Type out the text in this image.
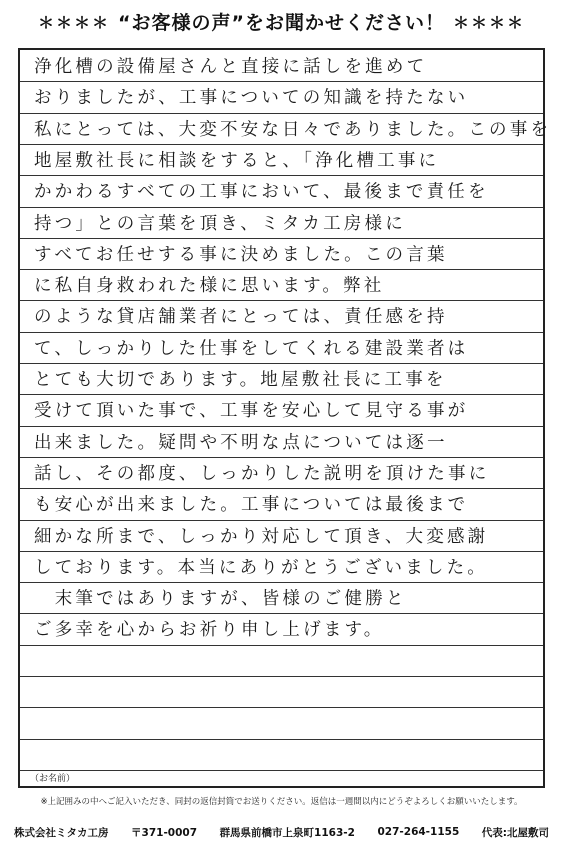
＊＊＊＊ “お客様の声”をお聞かせください！ ＊＊＊＊
浄化槽の設備屋さんと直接に話しを進めて
おりましたが、工事についての知識を持たない
私にとっては、大変不安な日々でありました。この事を
地屋敷社長に相談をすると、「浄化槽工事に
かかわるすべての工事において、最後まで責任を
持つ」との言葉を頂き、ミタカ工房様に
すべてお任せする事に決めました。この言葉
に私自身救われた様に思います。弊社
のような貸店舗業者にとっては、責任感を持
て、しっかりした仕事をしてくれる建設業者は
とても大切であります。地屋敷社長に工事を
受けて頂いた事で、工事を安心して見守る事が
出来ました。疑問や不明な点については逐一
話し、その都度、しっかりした説明を頂けた事に
も安心が出来ました。工事については最後まで
細かな所まで、しっかり対応して頂き、大変感謝
しております。本当にありがとうございました。
　末筆ではありますが、皆様のご健勝と
ご多幸を心からお祈り申し上げます。
（お名前）
※上記囲みの中へご記入いただき、同封の返信封筒でお送りください。返信は一週間以内にどうぞよろしくお願いいたします。
株式会社ミタカ工房 〒371-0007 群馬県前橋市上泉町1163-2 027-264-1155 代表:北屋敷司
